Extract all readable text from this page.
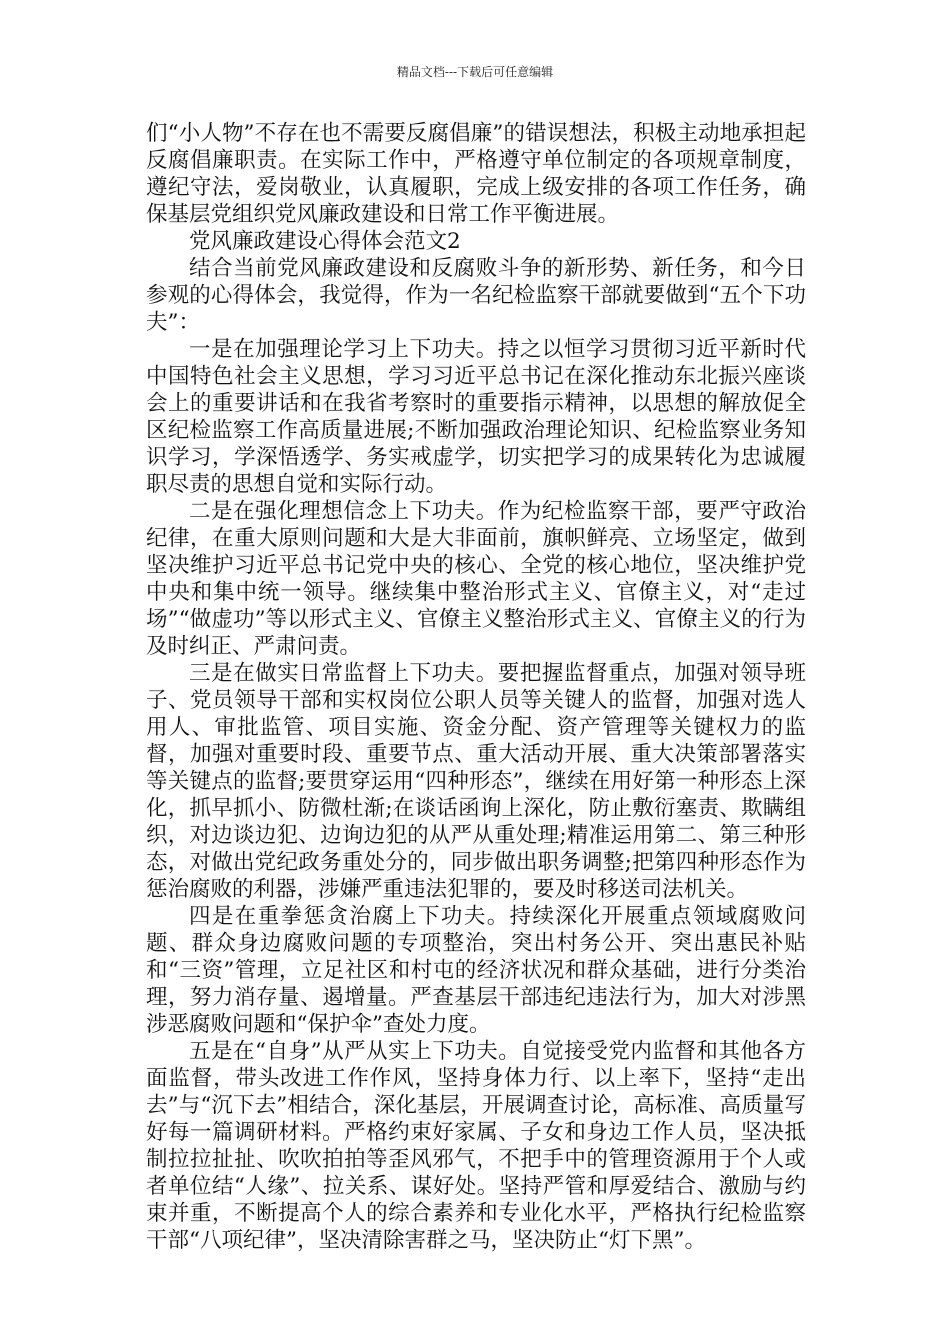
精品文档---下载后可任意编辑

们“小人物”不存在也不需要反腐倡廉”的错误想法，积极主动地承担起反腐倡廉职责。在实际工作中，严格遵守单位制定的各项规章制度，遵纪守法，爱岗敬业，认真履职，完成上级安排的各项工作任务，确保基层党组织党风廉政建设和日常工作平衡进展。

党风廉政建设心得体会范文2

结合当前党风廉政建设和反腐败斗争的新形势、新任务，和今日参观的心得体会，我觉得，作为一名纪检监察干部就要做到“五个下功夫”：

一是在加强理论学习上下功夫。持之以恒学习贯彻习近平新时代中国特色社会主义思想，学习习近平总书记在深化推动东北振兴座谈会上的重要讲话和在我省考察时的重要指示精神，以思想的解放促全区纪检监察工作高质量进展;不断加强政治理论知识、纪检监察业务知识学习，学深悟透学、务实戒虚学，切实把学习的成果转化为忠诚履职尽责的思想自觉和实际行动。

二是在强化理想信念上下功夫。作为纪检监察干部，要严守政治纪律，在重大原则问题和大是大非面前，旗帜鲜亮、立场坚定，做到坚决维护习近平总书记党中央的核心、全党的核心地位，坚决维护党中央和集中统一领导。继续集中整治形式主义、官僚主义，对“走过场”“做虚功”等以形式主义、官僚主义整治形式主义、官僚主义的行为及时纠正、严肃问责。

三是在做实日常监督上下功夫。要把握监督重点，加强对领导班子、党员领导干部和实权岗位公职人员等关键人的监督，加强对选人用人、审批监管、项目实施、资金分配、资产管理等关键权力的监督，加强对重要时段、重要节点、重大活动开展、重大决策部署落实等关键点的监督;要贯穿运用“四种形态”，继续在用好第一种形态上深化，抓早抓小、防微杜渐;在谈话函询上深化，防止敷衍塞责、欺瞒组织，对边谈边犯、边询边犯的从严从重处理;精准运用第二、第三种形态，对做出党纪政务重处分的，同步做出职务调整;把第四种形态作为惩治腐败的利器，涉嫌严重违法犯罪的，要及时移送司法机关。

四是在重拳惩贪治腐上下功夫。持续深化开展重点领域腐败问题、群众身边腐败问题的专项整治，突出村务公开、突出惠民补贴和“三资”管理，立足社区和村屯的经济状况和群众基础，进行分类治理，努力消存量、遏增量。严查基层干部违纪违法行为，加大对涉黑涉恶腐败问题和“保护伞”查处力度。

五是在“自身”从严从实上下功夫。自觉接受党内监督和其他各方面监督，带头改进工作作风，坚持身体力行、以上率下，坚持“走出去”与“沉下去”相结合，深化基层，开展调查讨论，高标准、高质量写好每一篇调研材料。严格约束好家属、子女和身边工作人员，坚决抵制拉拉扯扯、吹吹拍拍等歪风邪气，不把手中的管理资源用于个人或者单位结“人缘”、拉关系、谋好处。坚持严管和厚爱结合、激励与约束并重，不断提高个人的综合素养和专业化水平，严格执行纪检监察干部“八项纪律”，坚决清除害群之马，坚决防止“灯下黑”。
